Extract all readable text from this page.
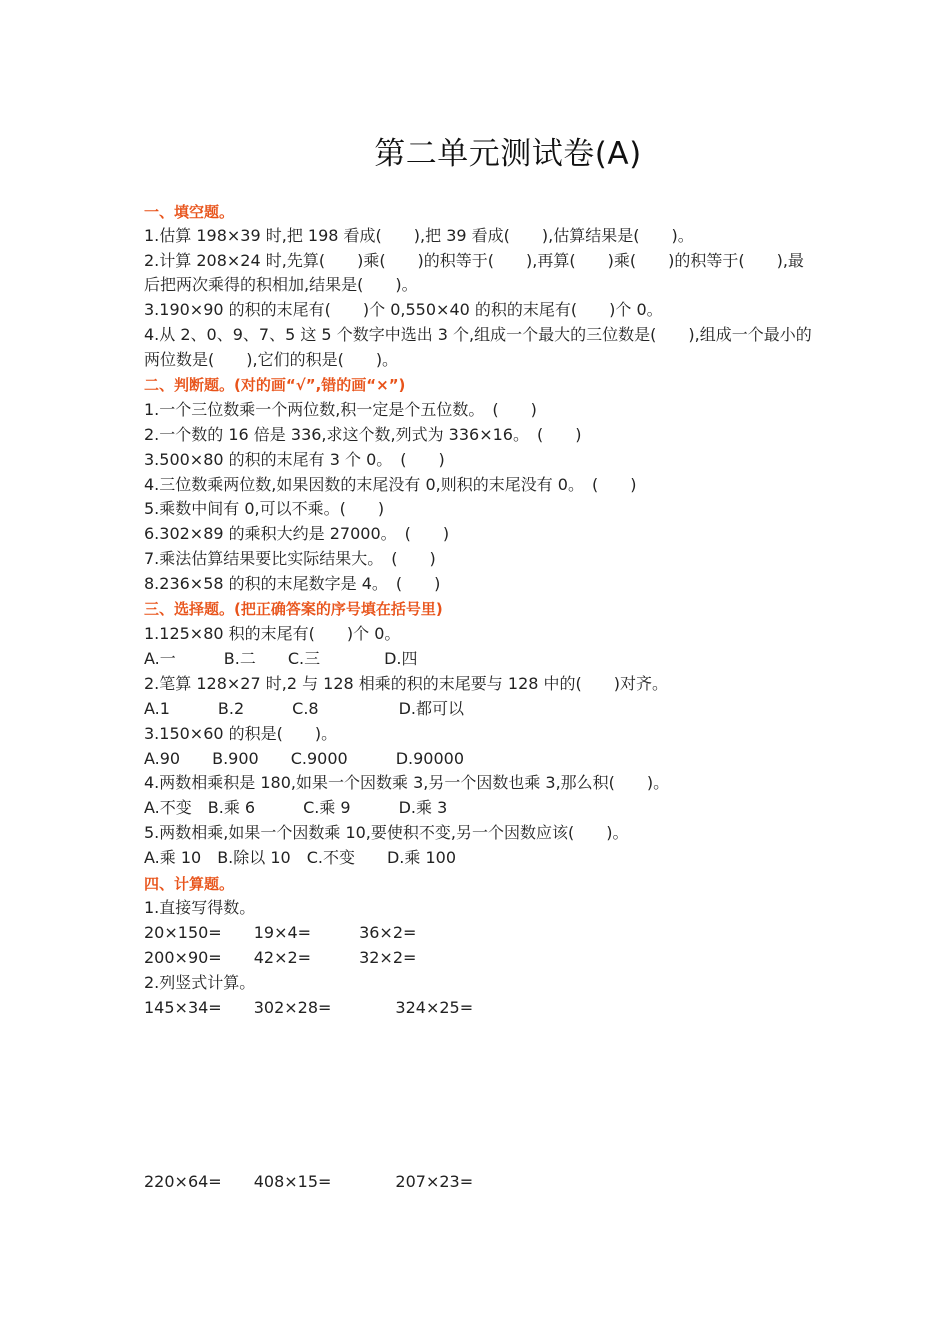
第二单元测试卷(A)
一、填空题。
1.估算 198×39 时,把 198 看成(　　),把 39 看成(　　),估算结果是(　　)。
2.计算 208×24 时,先算(　　)乘(　　)的积等于(　　),再算(　　)乘(　　)的积等于(　　),最
后把两次乘得的积相加,结果是(　　)。
3.190×90 的积的末尾有(　　)个 0,550×40 的积的末尾有(　　)个 0。
4.从 2、0、9、7、5 这 5 个数字中选出 3 个,组成一个最大的三位数是(　　),组成一个最小的
两位数是(　　),它们的积是(　　)。
二、判断题。(对的画“√”,错的画“×”)
1.一个三位数乘一个两位数,积一定是个五位数。　(　　)
2.一个数的 16 倍是 336,求这个数,列式为 336×16。　(　　)
3.500×80 的积的末尾有 3 个 0。　(　　)
4.三位数乘两位数,如果因数的末尾没有 0,则积的末尾没有 0。　(　　)
5.乘数中间有 0,可以不乘。(　　)
6.302×89 的乘积大约是 27000。　(　　)
7.乘法估算结果要比实际结果大。　(　　)
8.236×58 的积的末尾数字是 4。　(　　)
三、选择题。(把正确答案的序号填在括号里)
1.125×80 积的末尾有(　　)个 0。
A.一　　　B.二　　C.三　　　　D.四
2.笔算 128×27 时,2 与 128 相乘的积的末尾要与 128 中的(　　)对齐。
A.1　　　B.2　　　C.8　　　　　D.都可以
3.150×60 的积是(　　)。
A.90　　B.900　　C.9000　　　D.90000
4.两数相乘积是 180,如果一个因数乘 3,另一个因数也乘 3,那么积(　　)。
A.不变　B.乘 6　　　C.乘 9　　　D.乘 3
5.两数相乘,如果一个因数乘 10,要使积不变,另一个因数应该(　　)。
A.乘 10　B.除以 10　C.不变　　D.乘 100
四、计算题。
1.直接写得数。
20×150=　　19×4=　　　36×2=
200×90=　　42×2=　　　32×2=
2.列竖式计算。
145×34=　　302×28=　　　　324×25=
220×64=　　408×15=　　　　207×23=
